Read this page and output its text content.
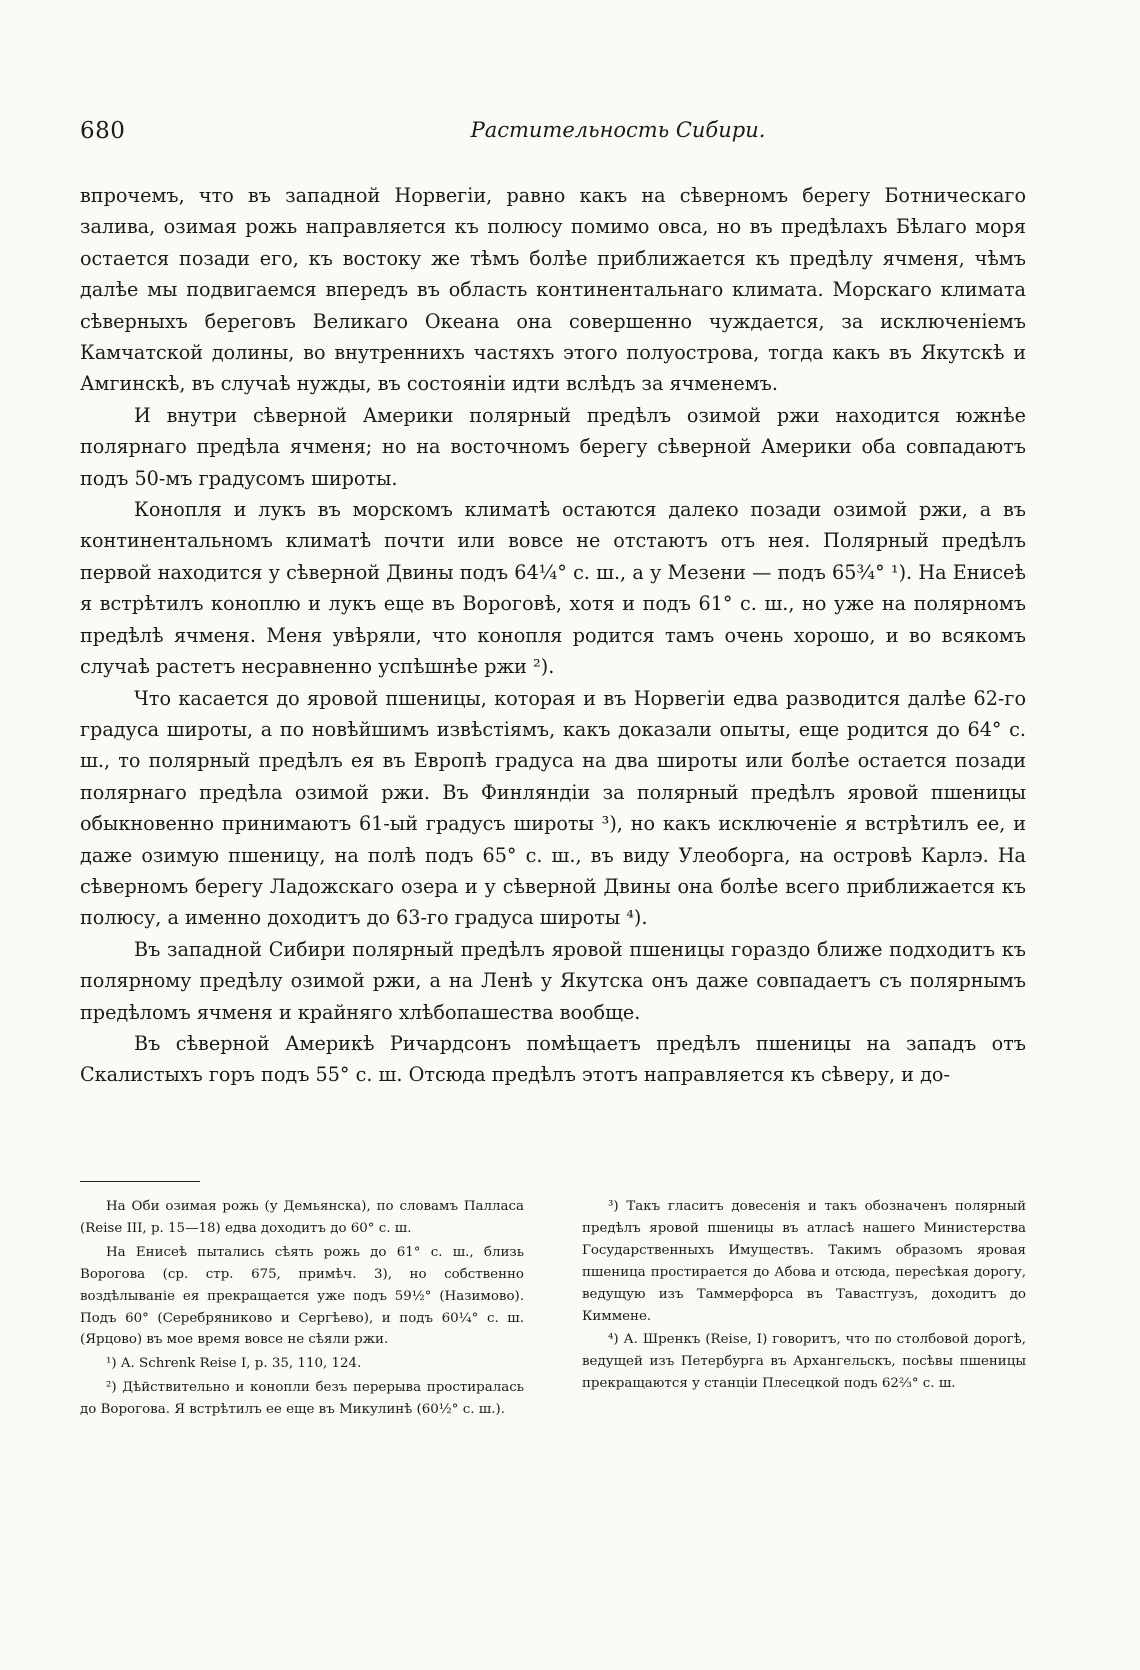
680	Растительность Сибири.

впрочемъ, что въ западной Норвегіи, равно какъ на сѣверномъ берегу Ботническаго залива, озимая рожь направляется къ полюсу помимо овса, но въ предѣлахъ Бѣлаго моря остается позади его, къ востоку же тѣмъ болѣе приближается къ предѣлу ячменя, чѣмъ далѣе мы подвигаемся впередъ въ область континентальнаго климата. Морскаго климата сѣверныхъ береговъ Великаго Океана она совершенно чуждается, за исключеніемъ Камчатской долины, во внутреннихъ частяхъ этого полуострова, тогда какъ въ Якутскѣ и Амгинскѣ, въ случаѣ нужды, въ состояніи идти вслѣдъ за ячменемъ.

И внутри сѣверной Америки полярный предѣлъ озимой ржи находится южнѣе полярнаго предѣла ячменя; но на восточномъ берегу сѣверной Америки оба совпадаютъ подъ 50-мъ градусомъ широты.

Конопля и лукъ въ морскомъ климатѣ остаются далеко позади озимой ржи, а въ континентальномъ климатѣ почти или вовсе не отстаютъ отъ нея. Полярный предѣлъ первой находится у сѣверной Двины подъ 64¼° с. ш., а у Мезени — подъ 65¾° ¹). На Енисеѣ я встрѣтилъ коноплю и лукъ еще въ Вороговѣ, хотя и подъ 61° с. ш., но уже на полярномъ предѣлѣ ячменя. Меня увѣряли, что конопля родится тамъ очень хорошо, и во всякомъ случаѣ растетъ несравненно успѣшнѣе ржи ²).

Что касается до яровой пшеницы, которая и въ Норвегіи едва разводится далѣе 62-го градуса широты, а по новѣйшимъ извѣстіямъ, какъ доказали опыты, еще родится до 64° с. ш., то полярный предѣлъ ея въ Европѣ градуса на два широты или болѣе остается позади полярнаго предѣла озимой ржи. Въ Финляндіи за полярный предѣлъ яровой пшеницы обыкновенно принимаютъ 61-ый градусъ широты ³), но какъ исключеніе я встрѣтилъ ее, и даже озимую пшеницу, на полѣ подъ 65° с. ш., въ виду Улеоборга, на островѣ Карлэ. На сѣверномъ берегу Ладожскаго озера и у сѣверной Двины она болѣе всего приближается къ полюсу, а именно доходитъ до 63-го градуса широты ⁴).

Въ западной Сибири полярный предѣлъ яровой пшеницы гораздо ближе подходитъ къ полярному предѣлу озимой ржи, а на Ленѣ у Якутска онъ даже совпадаетъ съ полярнымъ предѣломъ ячменя и крайняго хлѣбопашества вообще.

Въ сѣверной Америкѣ Ричардсонъ помѣщаетъ предѣлъ пшеницы на западъ отъ Скалистыхъ горъ подъ 55° с. ш. Отсюда предѣлъ этотъ направляется къ сѣверу, и до-

На Оби озимая рожь (у Демьянска), по словамъ Палласа (Reise III, p. 15—18) едва доходитъ до 60° с. ш.

На Енисеѣ пытались сѣять рожь до 61° с. ш., близь Ворогова (ср. стр. 675, примѣч. 3), но собственно воздѣлываніе ея прекращается уже подъ 59½° (Назимово). Подъ 60° (Серебряниково и Сергѣево), и подъ 60¼° с. ш. (Ярцово) въ мое время вовсе не сѣяли ржи.

¹) A. Schrenk Reise I, p. 35, 110, 124.

²) Дѣйствительно и конопли безъ перерыва простиралась до Ворогова. Я встрѣтилъ ее еще въ Микулинѣ (60½° с. ш.).

³) Такъ гласитъ довесенія и такъ обозначенъ полярный предѣлъ яровой пшеницы въ атласѣ нашего Министерства Государственныхъ Имуществъ. Такимъ образомъ яровая пшеница простирается до Абова и отсюда, пересѣкая дорогу, ведущую изъ Таммерфорса въ Тавастгузъ, доходитъ до Киммене.

⁴) А. Шренкъ (Reise, I) говоритъ, что по столбовой дорогѣ, ведущей изъ Петербурга въ Архангельскъ, посѣвы пшеницы прекращаются у станціи Плесецкой подъ 62⅔° с. ш.
